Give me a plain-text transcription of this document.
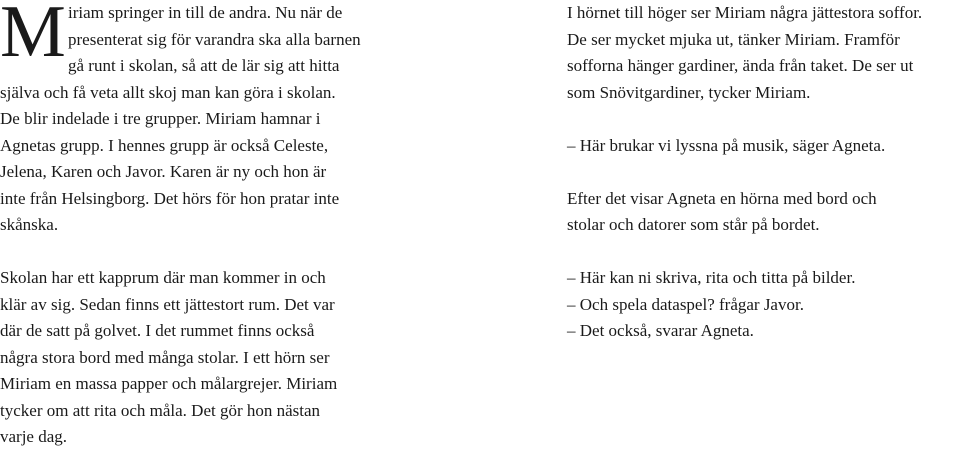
M iriam springer in till de andra. Nu när de
presenterat sig för varandra ska alla barnen
gå runt i skolan, så att de lär sig att hitta
själva och få veta allt skoj man kan göra i skolan.
De blir indelade i tre grupper. Miriam hamnar i
Agnetas grupp. I hennes grupp är också Celeste,
Jelena, Karen och Javor. Karen är ny och hon är
inte från Helsingborg. Det hörs för hon pratar inte
skånska.
Skolan har ett kapprum där man kommer in och
klär av sig. Sedan finns ett jättestort rum. Det var
där de satt på golvet. I det rummet finns också
några stora bord med många stolar. I ett hörn ser
Miriam en massa papper och målargrejer. Miriam
tycker om att rita och måla. Det gör hon nästan
varje dag.
I hörnet till höger ser Miriam några jättestora soffor.
De ser mycket mjuka ut, tänker Miriam. Framför
sofforna hänger gardiner, ända från taket. De ser ut
som Snövitgardiner, tycker Miriam.
– Här brukar vi lyssna på musik, säger Agneta.
Efter det visar Agneta en hörna med bord och
stolar och datorer som står på bordet.
– Här kan ni skriva, rita och titta på bilder.
– Och spela dataspel? frågar Javor.
– Det också, svarar Agneta.
